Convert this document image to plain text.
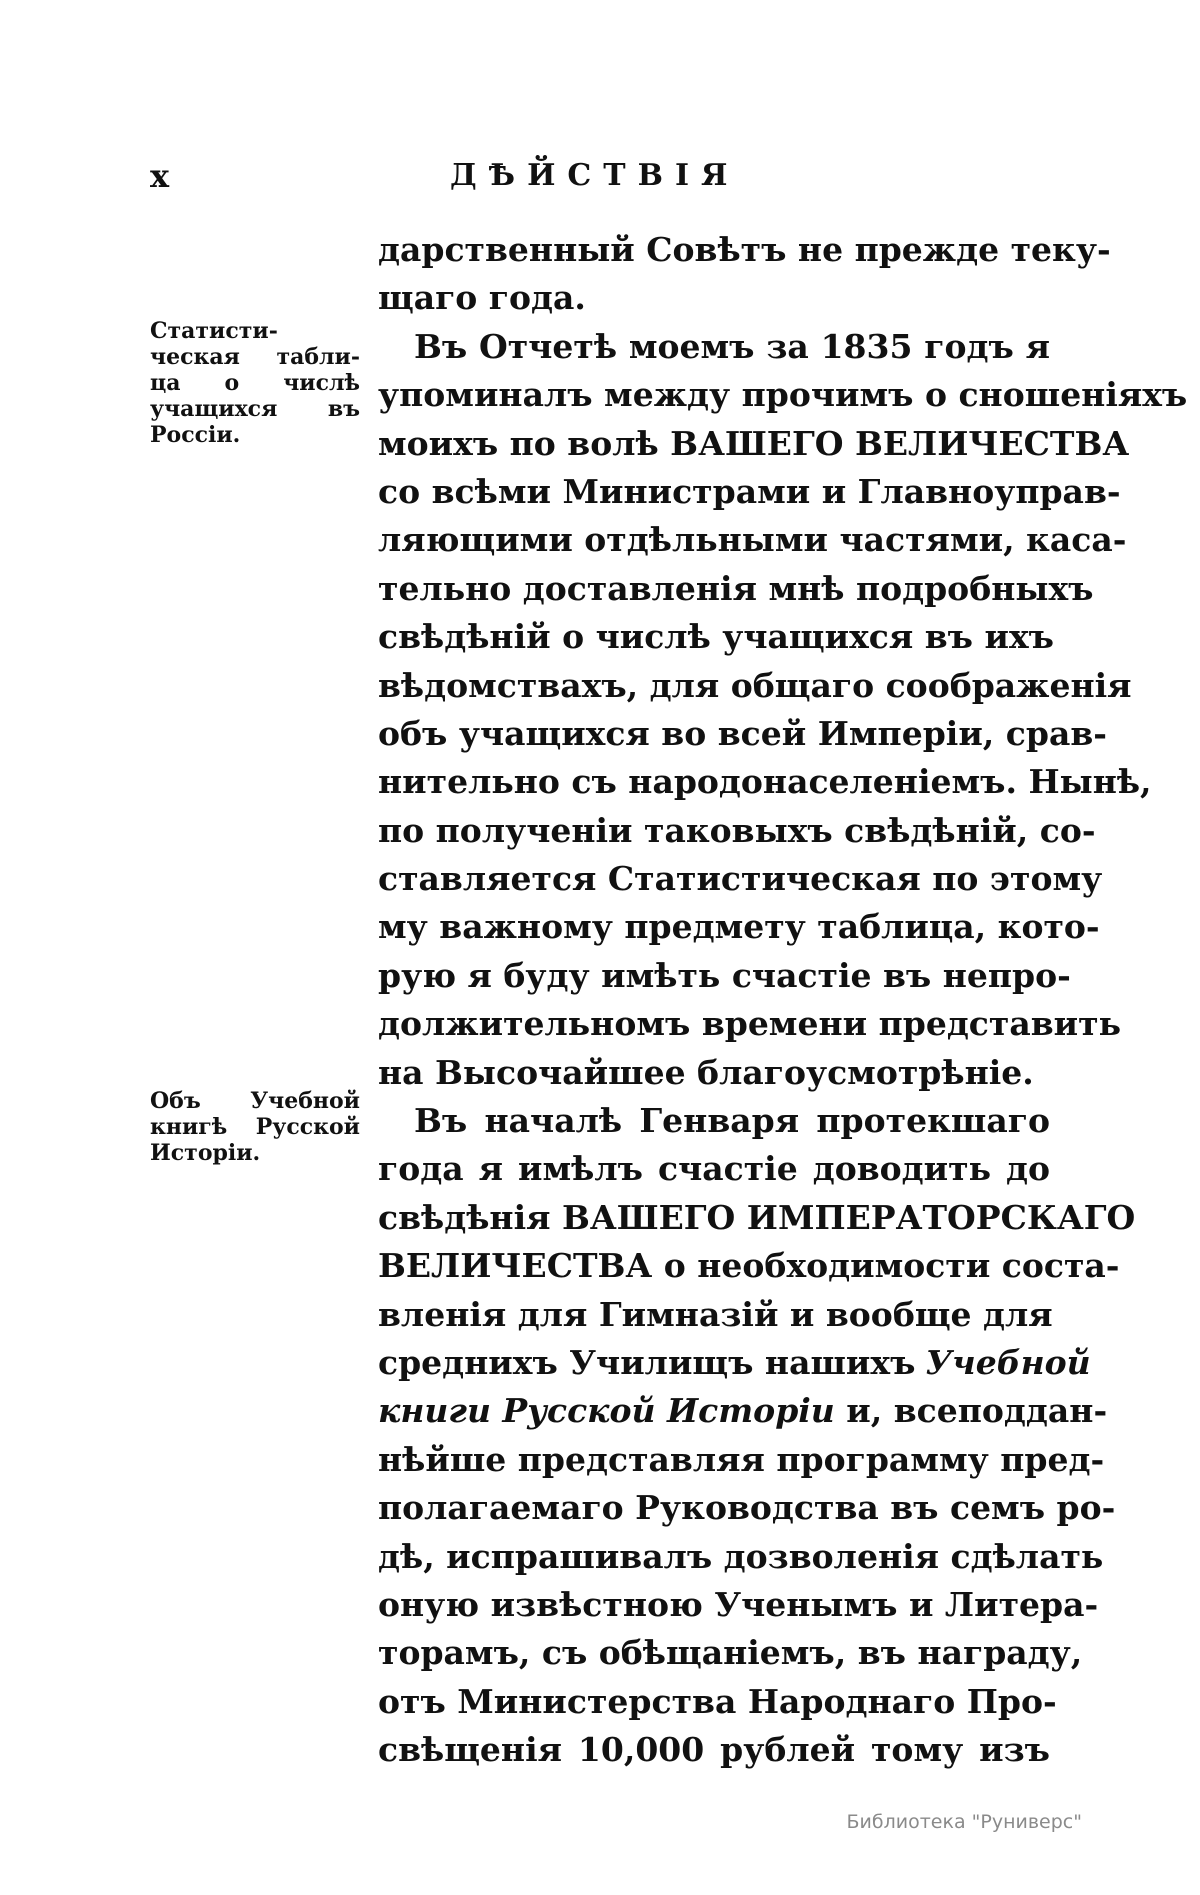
x	ДѢЙСТВІЯ
Статисти-
ческая табли-
ца о числѣ
учащихся въ
Россіи.
Объ Учебной
книгѣ Русской
Исторіи.
дарственный Совѣтъ не прежде теку-
щаго года.
Въ Отчетѣ моемъ за 1835 годъ я
упоминалъ между прочимъ о сношеніяхъ
моихъ по волѣ ВАШЕГО ВЕЛИЧЕСТВА
со всѣми Министрами и Главноуправ-
ляющими отдѣльными частями, каса-
тельно доставленія мнѣ подробныхъ
свѣдѣній о числѣ учащихся въ ихъ
вѣдомствахъ, для общаго соображенія
объ учащихся во всей Имперіи, срав-
нительно съ народонаселеніемъ. Нынѣ,
по полученіи таковыхъ свѣдѣній, со-
ставляется Статистическая по этому
му важному предмету таблица, кото-
рую я буду имѣть счастіе въ непро-
должительномъ времени представить
на Высочайшее благоусмотрѣніе.
Въ началѣ Генваря протекшаго
года я имѣлъ счастіе доводить до
свѣдѣнія ВАШЕГО ИМПЕРАТОРСКАГО
ВЕЛИЧЕСТВА о необходимости соста-
вленія для Гимназій и вообще для
среднихъ Училищъ нашихъ Учебной
книги Русской Исторіи и, всеподдан-
нѣйше представляя программу пред-
полагаемаго Руководства въ семъ ро-
дѣ, испрашивалъ дозволенія сдѣлать
оную извѣстною Ученымъ и Литера-
торамъ, съ обѣщаніемъ, въ награду,
отъ Министерства Народнаго Про-
свѣщенія 10,000 рублей тому изъ
Библиотека "Руниверс"
